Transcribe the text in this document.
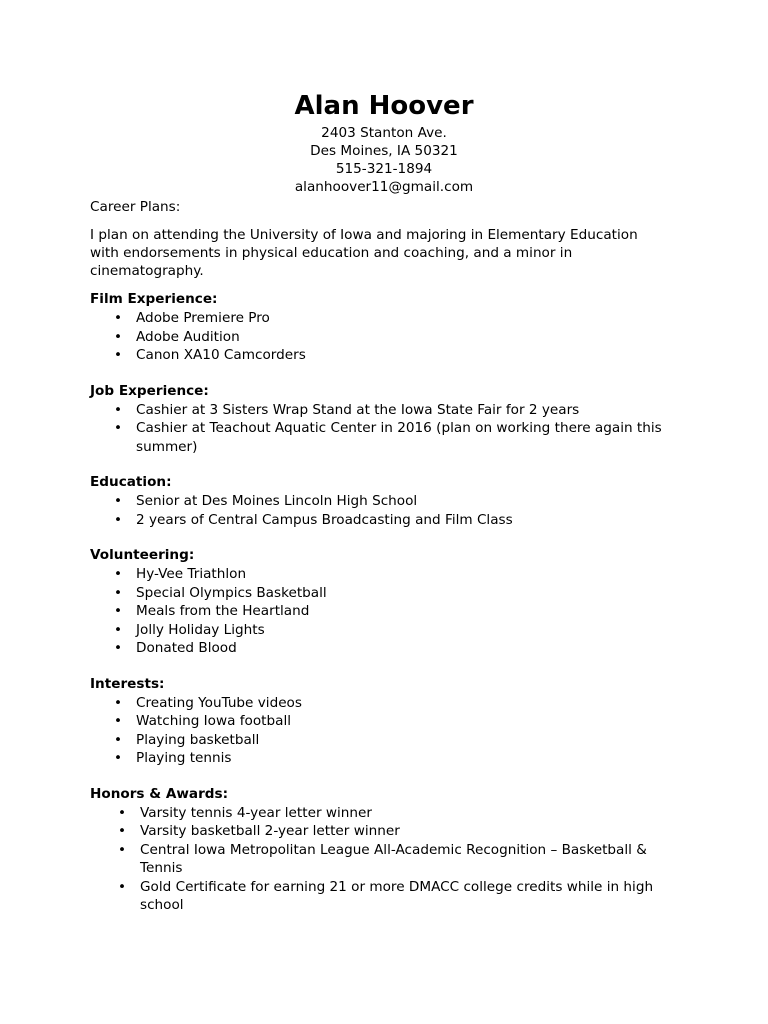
Alan Hoover
2403 Stanton Ave.
Des Moines, IA 50321
515-321-1894
alanhoover11@gmail.com
Career Plans:

I plan on attending the University of Iowa and majoring in Elementary Education with endorsements in physical education and coaching, and a minor in cinematography.

Film Experience:
• Adobe Premiere Pro
• Adobe Audition
• Canon XA10 Camcorders
Job Experience:
• Cashier at 3 Sisters Wrap Stand at the Iowa State Fair for 2 years
• Cashier at Teachout Aquatic Center in 2016 (plan on working there again this summer)
Education:
• Senior at Des Moines Lincoln High School
• 2 years of Central Campus Broadcasting and Film Class
Volunteering:
• Hy-Vee Triathlon
• Special Olympics Basketball
• Meals from the Heartland
• Jolly Holiday Lights
• Donated Blood
Interests:
• Creating YouTube videos
• Watching Iowa football
• Playing basketball
• Playing tennis
Honors & Awards:
• Varsity tennis 4-year letter winner
• Varsity basketball 2-year letter winner
• Central Iowa Metropolitan League All-Academic Recognition – Basketball & Tennis
• Gold Certificate for earning 21 or more DMACC college credits while in high school
